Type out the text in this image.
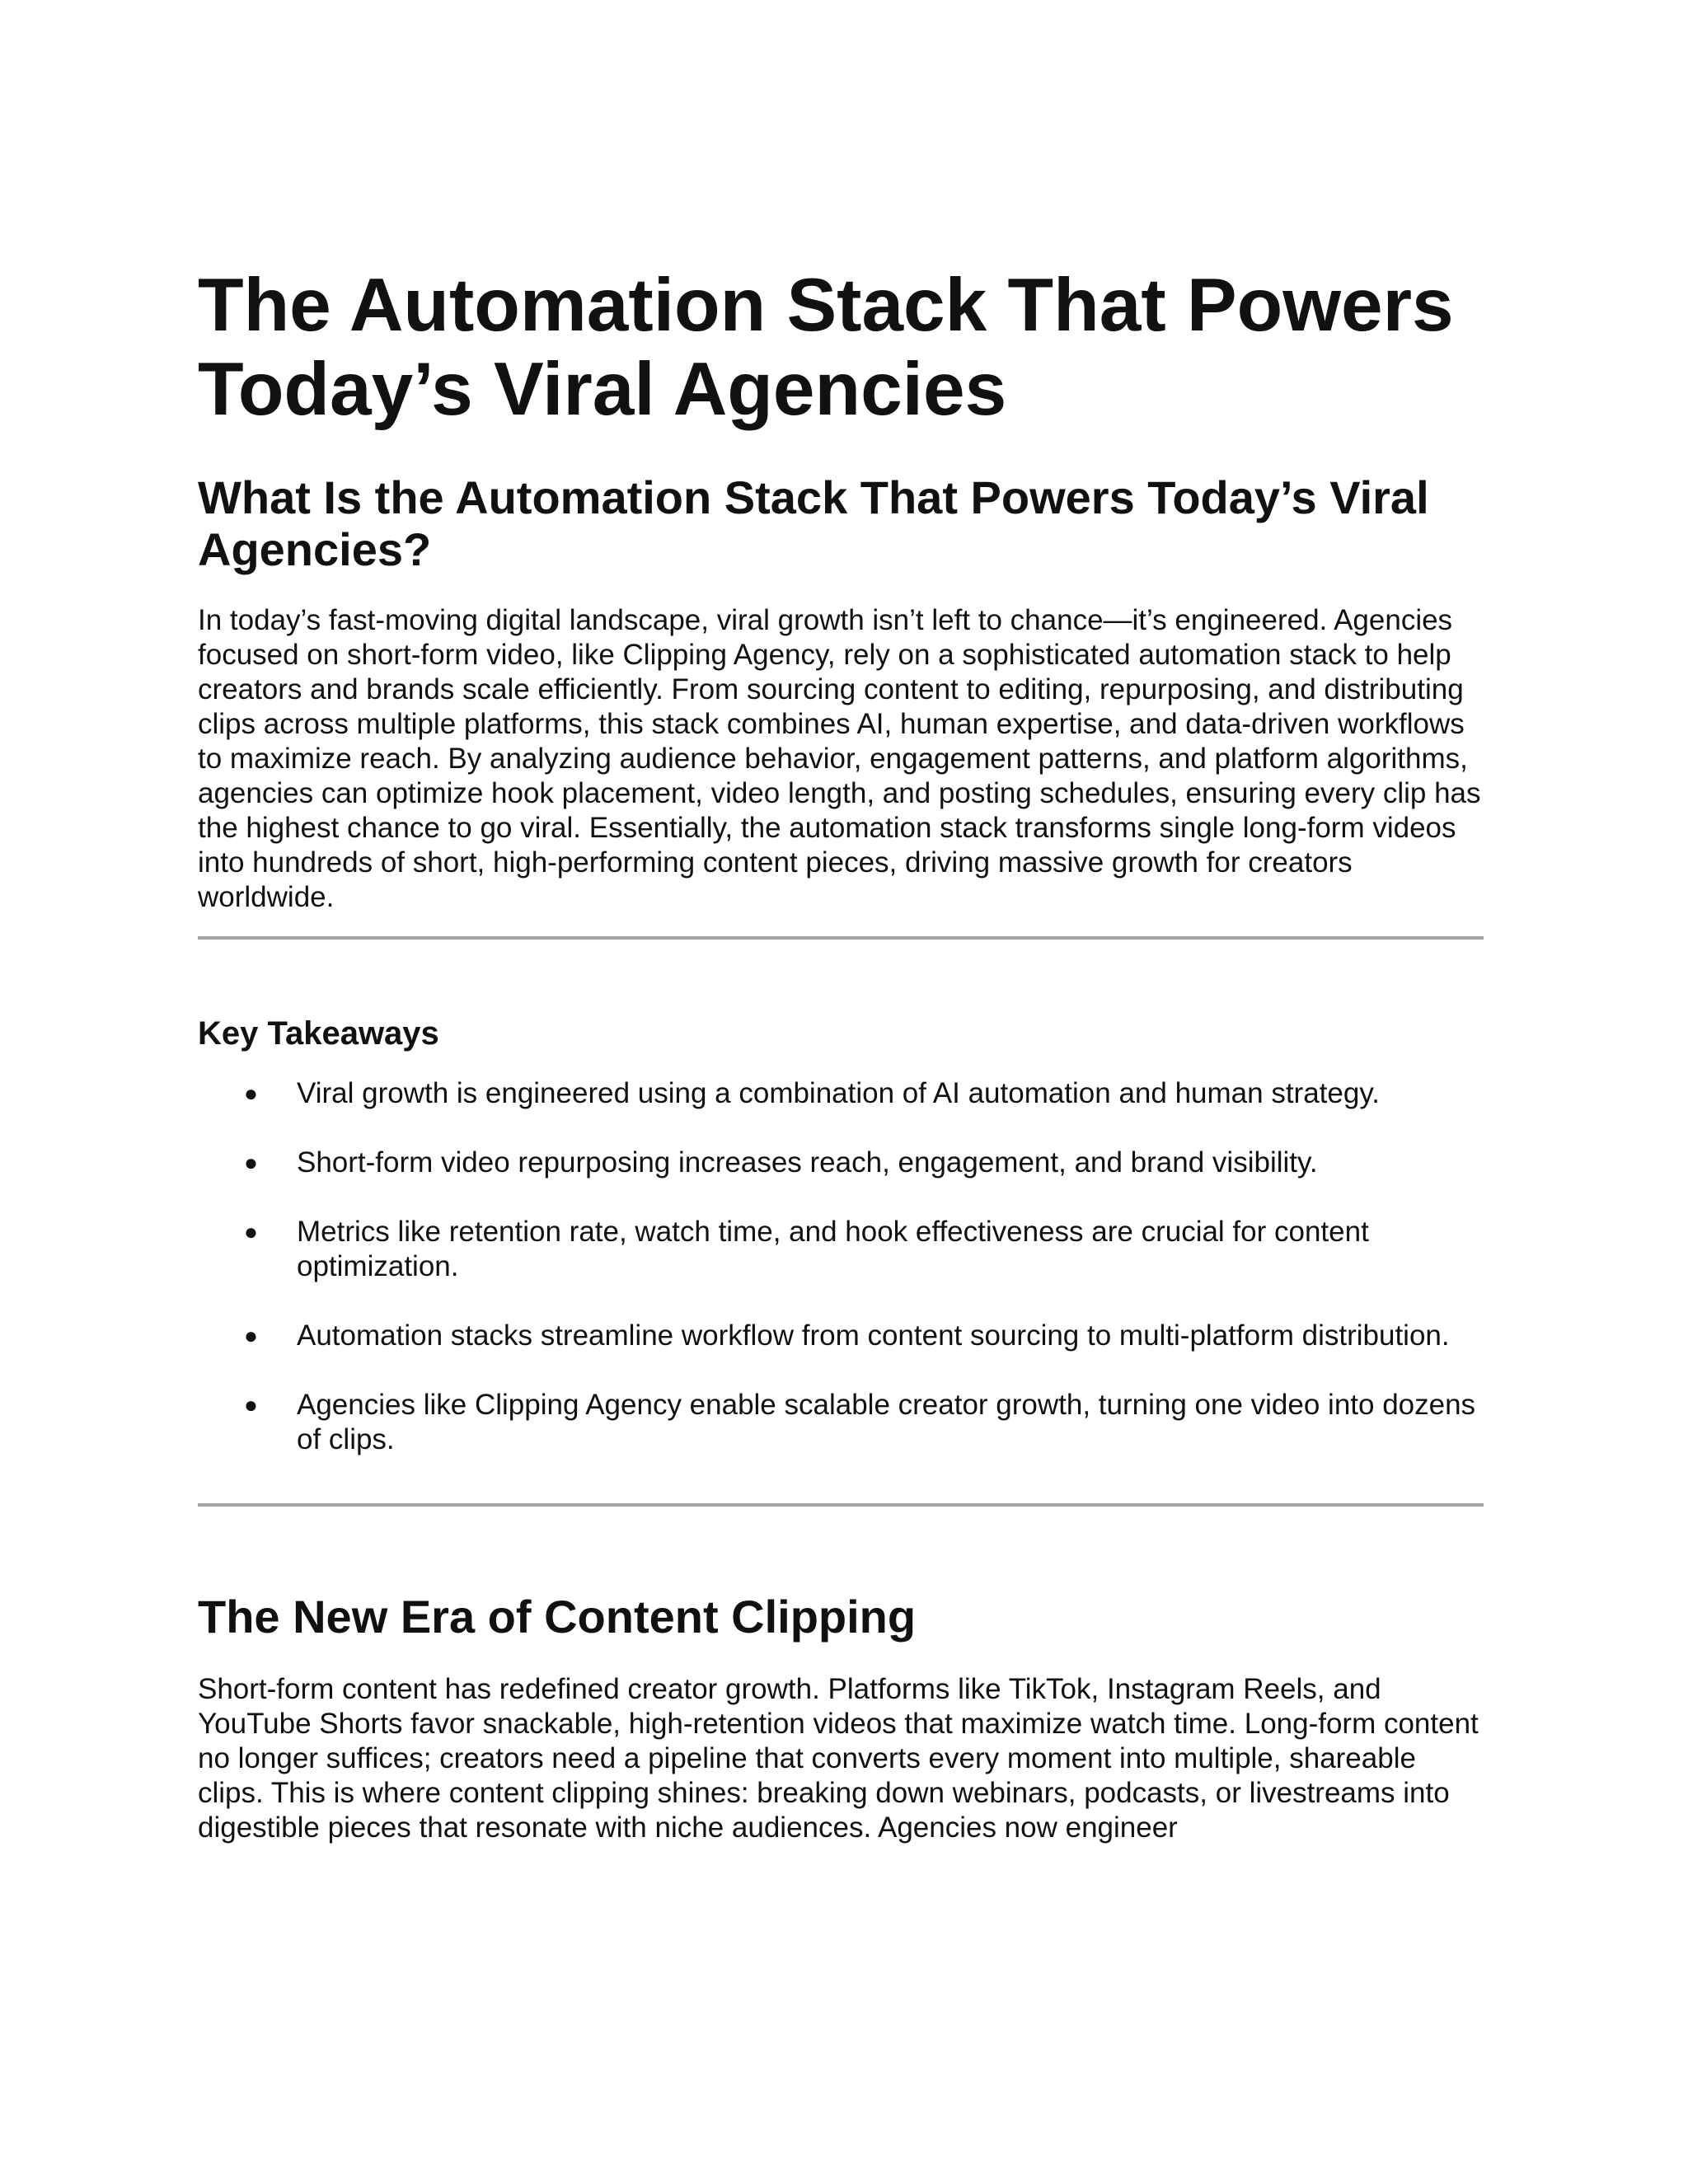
The Automation Stack That Powers Today’s Viral Agencies
What Is the Automation Stack That Powers Today’s Viral Agencies?

In today’s fast-moving digital landscape, viral growth isn’t left to chance—it’s engineered. Agencies focused on short-form video, like Clipping Agency, rely on a sophisticated automation stack to help creators and brands scale efficiently. From sourcing content to editing, repurposing, and distributing clips across multiple platforms, this stack combines AI, human expertise, and data-driven workflows to maximize reach. By analyzing audience behavior, engagement patterns, and platform algorithms, agencies can optimize hook placement, video length, and posting schedules, ensuring every clip has the highest chance to go viral. Essentially, the automation stack transforms single long-form videos into hundreds of short, high-performing content pieces, driving massive growth for creators worldwide.

Key Takeaways
● Viral growth is engineered using a combination of AI automation and human strategy.
● Short-form video repurposing increases reach, engagement, and brand visibility.
● Metrics like retention rate, watch time, and hook effectiveness are crucial for content optimization.
● Automation stacks streamline workflow from content sourcing to multi-platform distribution.
● Agencies like Clipping Agency enable scalable creator growth, turning one video into dozens of clips.
The New Era of Content Clipping

Short-form content has redefined creator growth. Platforms like TikTok, Instagram Reels, and YouTube Shorts favor snackable, high-retention videos that maximize watch time. Long-form content no longer suffices; creators need a pipeline that converts every moment into multiple, shareable clips. This is where content clipping shines: breaking down webinars, podcasts, or livestreams into digestible pieces that resonate with niche audiences. Agencies now engineer
